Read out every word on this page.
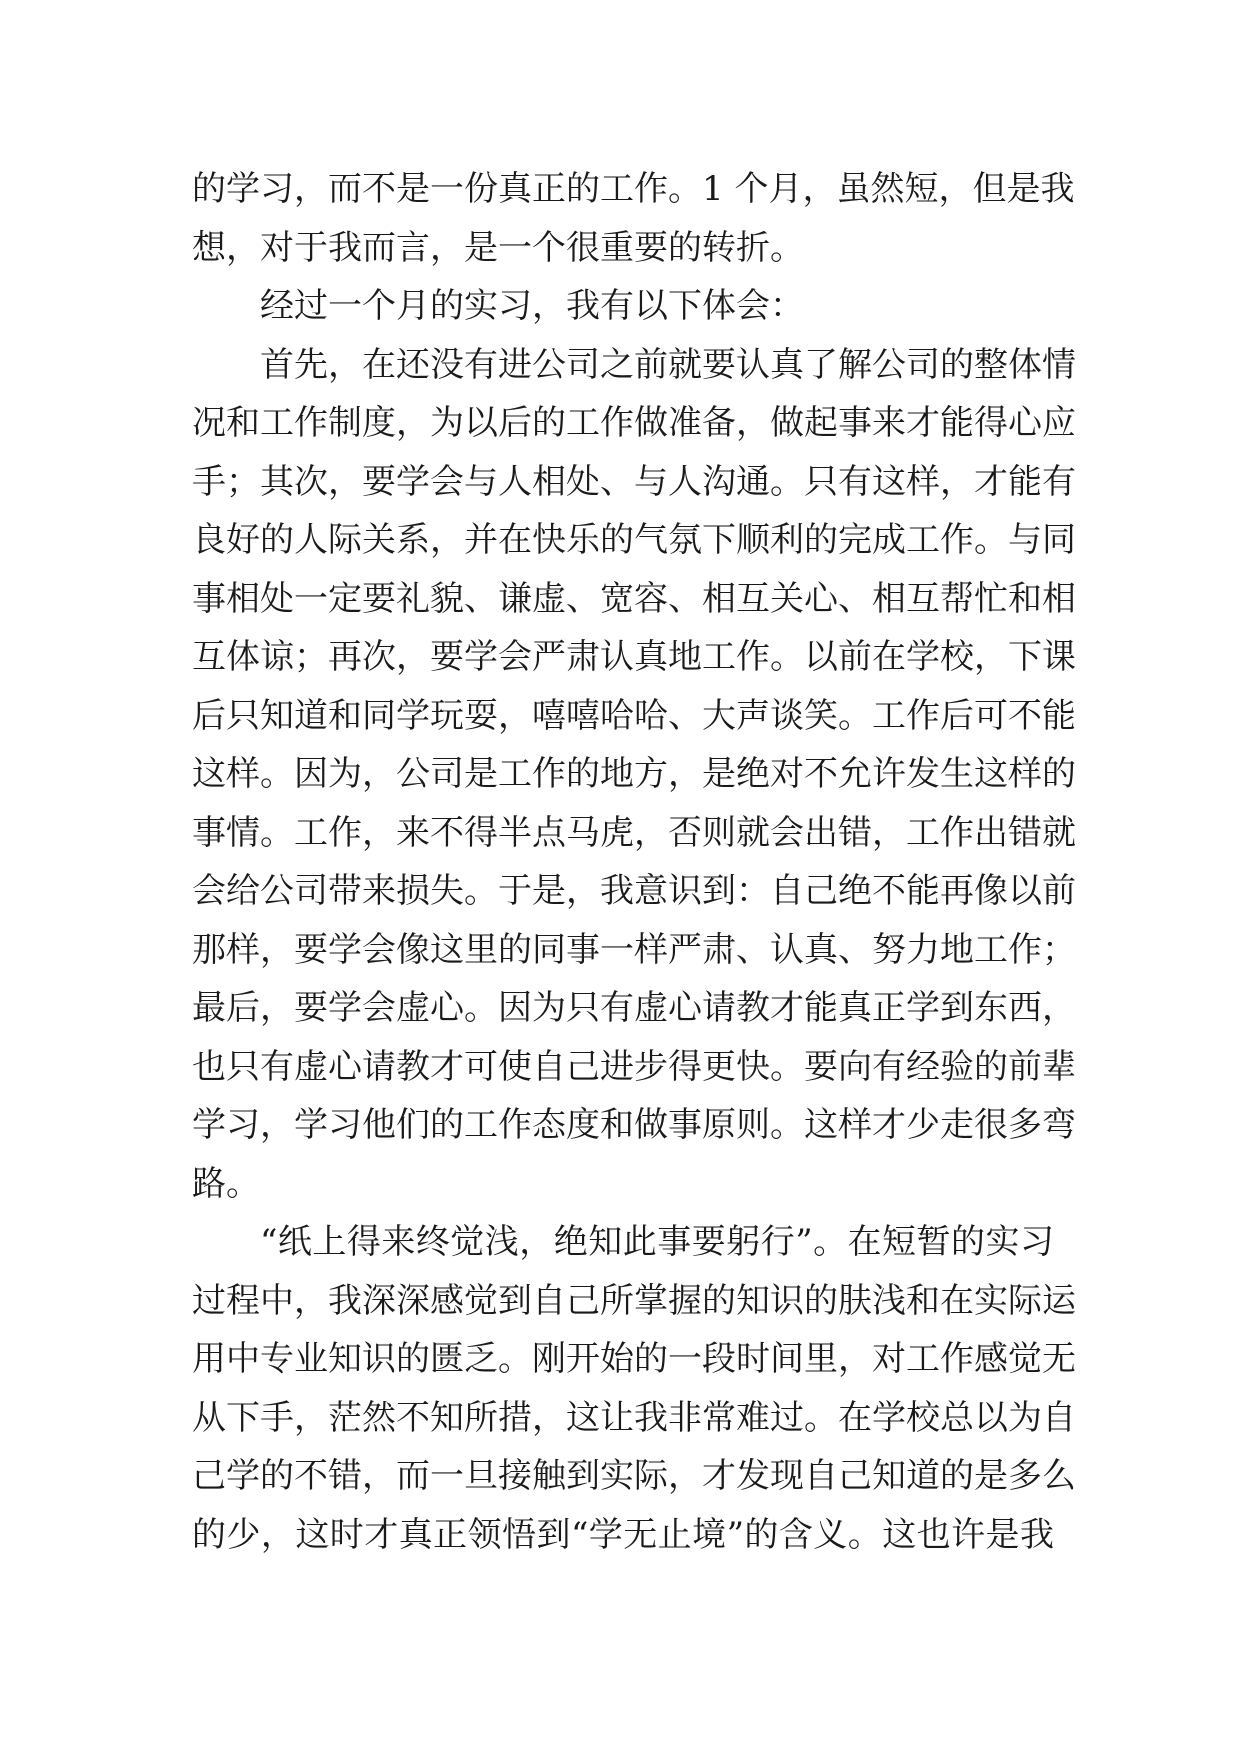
的学习，而不是一份真正的工作。1 个月，虽然短，但是我
想，对于我而言，是一个很重要的转折。
经过一个月的实习，我有以下体会：
首先，在还没有进公司之前就要认真了解公司的整体情
况和工作制度，为以后的工作做准备，做起事来才能得心应
手；其次，要学会与人相处、与人沟通。只有这样，才能有
良好的人际关系，并在快乐的气氛下顺利的完成工作。与同
事相处一定要礼貌、谦虚、宽容、相互关心、相互帮忙和相
互体谅；再次，要学会严肃认真地工作。以前在学校，下课
后只知道和同学玩耍，嘻嘻哈哈、大声谈笑。工作后可不能
这样。因为，公司是工作的地方，是绝对不允许发生这样的
事情。工作，来不得半点马虎，否则就会出错，工作出错就
会给公司带来损失。于是，我意识到：自己绝不能再像以前
那样，要学会像这里的同事一样严肃、认真、努力地工作；
最后，要学会虚心。因为只有虚心请教才能真正学到东西，
也只有虚心请教才可使自己进步得更快。要向有经验的前辈
学习，学习他们的工作态度和做事原则。这样才少走很多弯
路。
“纸上得来终觉浅，绝知此事要躬行”。在短暂的实习
过程中，我深深感觉到自己所掌握的知识的肤浅和在实际运
用中专业知识的匮乏。刚开始的一段时间里，对工作感觉无
从下手，茫然不知所措，这让我非常难过。在学校总以为自
己学的不错，而一旦接触到实际，才发现自己知道的是多么
的少，这时才真正领悟到“学无止境”的含义。这也许是我
